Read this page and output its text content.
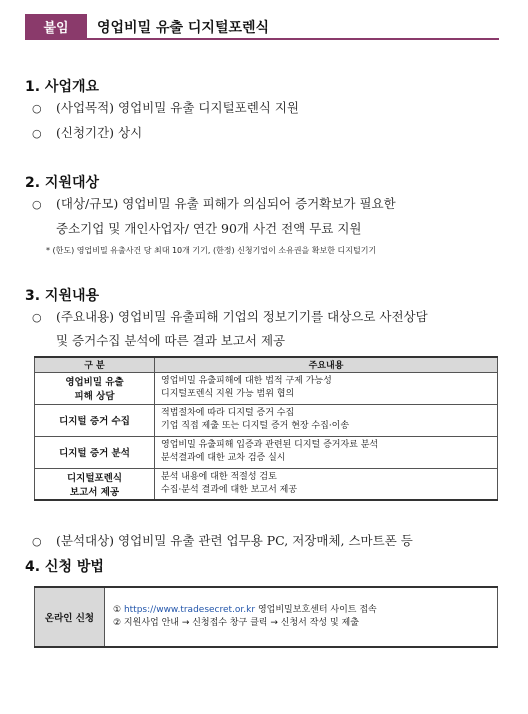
붙임	영업비밀 유출 디지털포렌식
1. 사업개요
○ (사업목적) 영업비밀 유출 디지털포렌식 지원
○ (신청기간) 상시
2. 지원대상
○ (대상/규모) 영업비밀 유출 피해가 의심되어 증거확보가 필요한
중소기업 및 개인사업자/ 연간 90개 사건 전액 무료 지원
* (한도) 영업비밀 유출사건 당 최대 10개 기기, (한정) 신청기업이 소유권을 확보한 디지털기기
3. 지원내용
○ (주요내용) 영업비밀 유출피해 기업의 정보기기를 대상으로 사전상담
및 증거수집 분석에 따른 결과 보고서 제공
구 분	주요내용
영업비밀 유출
피해 상담	영업비밀 유출피해에 대한 법적 구제 가능성
디지털포렌식 지원 가능 범위 협의
디지털 증거 수집	적법절차에 따라 디지털 증거 수집
기업 직접 제출 또는 디지털 증거 현장 수집·이송
디지털 증거 분석	영업비밀 유출피해 입증과 관련된 디지털 증거자료 분석
분석결과에 대한 교차 검증 실시
디지털포렌식
보고서 제공	분석 내용에 대한 적절성 검토
수집·분석 결과에 대한 보고서 제공
○ (분석대상) 영업비밀 유출 관련 업무용 PC, 저장매체, 스마트폰 등
4. 신청 방법
온라인 신청	① https://www.tradesecret.or.kr 영업비밀보호센터 사이트 접속
② 지원사업 안내 → 신청접수 창구 클릭 → 신청서 작성 및 제출
